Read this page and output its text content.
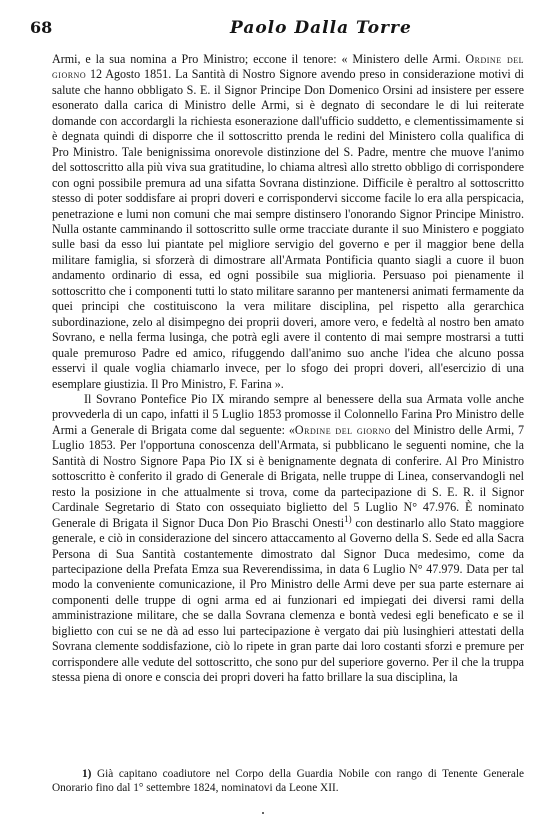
68	Paolo Dalla Torre

Armi, e la sua nomina a Pro Ministro; eccone il tenore: « Ministero delle Armi. Ordine del giorno 12 Agosto 1851. La Santità di Nostro Signore avendo preso in considerazione motivi di salute che hanno obbligato S. E. il Signor Principe Don Domenico Orsini ad insistere per essere esonerato dalla carica di Ministro delle Armi, si è degnato di secondare le di lui reiterate domande con accordargli la richiesta esonerazione dall'ufficio suddetto, e clementissimamente si è degnata quindi di disporre che il sottoscritto prenda le redini del Ministero colla qualifica di Pro Ministro. Tale benignissima onorevole distinzione del S. Padre, mentre che muove l'animo del sottoscritto alla più viva sua gratitudine, lo chiama altresì allo stretto obbligo di corrispondere con ogni possibile premura ad una sifatta Sovrana distinzione. Difficile è peraltro al sottoscritto stesso di poter soddisfare ai propri doveri e corrispondervi siccome facile lo era alla perspicacia, penetrazione e lumi non comuni che mai sempre distinsero l'onorando Signor Principe Ministro. Nulla ostante camminando il sottoscritto sulle orme tracciate durante il suo Ministero e poggiato sulle basi da esso lui piantate pel migliore servigio del governo e per il maggior bene della militare famiglia, si sforzerà di dimostrare all'Armata Pontificia quanto siagli a cuore il buon andamento ordinario di essa, ed ogni possibile sua miglioria. Persuaso poi pienamente il sottoscritto che i componenti tutti lo stato militare saranno per mantenersi animati fermamente da quei principi che costituiscono la vera militare disciplina, pel rispetto alla gerarchica subordinazione, zelo al disimpegno dei proprii doveri, amore vero, e fedeltà al nostro ben amato Sovrano, e nella ferma lusinga, che potrà egli avere il contento di mai sempre mostrarsi a tutti quale premuroso Padre ed amico, rifuggendo dall'animo suo anche l'idea che alcuno possa esservi il quale voglia chiamarlo invece, per lo sfogo dei propri doveri, all'esercizio di una esemplare giustizia. Il Pro Ministro, F. Farina ».

Il Sovrano Pontefice Pio IX mirando sempre al benessere della sua Armata volle anche provvederla di un capo, infatti il 5 Luglio 1853 promosse il Colonnello Farina Pro Ministro delle Armi a Generale di Brigata come dal seguente: «Ordine del giorno del Ministro delle Armi, 7 Luglio 1853. Per l'opportuna conoscenza dell'Armata, si pubblicano le seguenti nomine, che la Santità di Nostro Signore Papa Pio IX si è benignamente degnata di conferire. Al Pro Ministro sottoscritto è conferito il grado di Generale di Brigata, nelle truppe di Linea, conservandogli nel resto la posizione in che attualmente si trova, come da partecipazione di S. E. R. il Signor Cardinale Segretario di Stato con ossequiato biglietto del 5 Luglio N° 47.976. È nominato Generale di Brigata il Signor Duca Don Pio Braschi Onesti$^{1)}$ con destinarlo allo Stato maggiore generale, e ciò in considerazione del sincero attaccamento al Governo della S. Sede ed alla Sacra Persona di Sua Santità costantemente dimostrato dal Signor Duca medesimo, come da partecipazione della Prefata Emza sua Reverendissima, in data 6 Luglio N° 47.979. Data per tal modo la conveniente comunicazione, il Pro Ministro delle Armi deve per sua parte esternare ai componenti delle truppe di ogni arma ed ai funzionari ed impiegati dei diversi rami della amministrazione militare, che se dalla Sovrana clemenza e bontà vedesi egli beneficato e se il biglietto con cui se ne dà ad esso lui partecipazione è vergato dai più lusinghieri attestati della Sovrana clemente soddisfazione, ciò lo ripete in gran parte dai loro costanti sforzi e premure per corrispondere alle vedute del sottoscritto, che sono pur del superiore governo. Per il che la truppa stessa piena di onore e conscia dei propri doveri ha fatto brillare la sua disciplina, la

1) Già capitano coadiutore nel Corpo della Guardia Nobile con rango di Tenente Generale Onorario fino dal 1° settembre 1824, nominatovi da Leone XII.
